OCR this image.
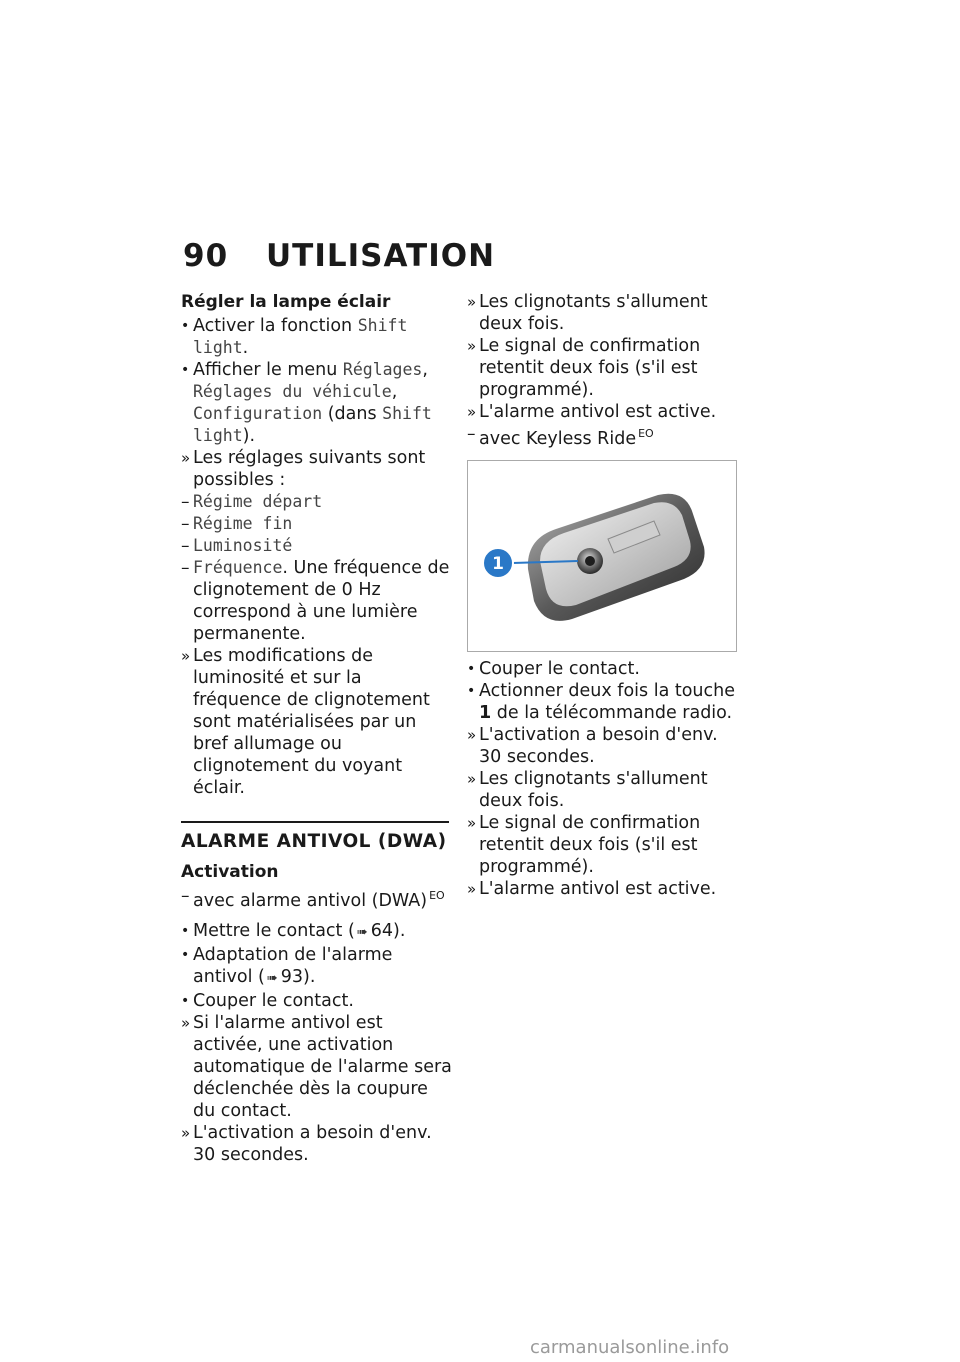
90 UTILISATION
Régler la lampe éclair
• Activer la fonction Shift light.
• Afficher le menu Réglages, Réglages du véhicule, Configuration (dans Shift light).
» Les réglages suivants sont possibles :
– Régime départ
– Régime fin
– Luminosité
– Fréquence. Une fréquence de clignotement de 0 Hz correspond à une lumière permanente.
» Les modifications de luminosité et sur la fréquence de clignotement sont matérialisées par un bref allumage ou clignotement du voyant éclair.
ALARME ANTIVOL (DWA)
Activation
– avec alarme antivol (DWA) $^{EO}$
• Mettre le contact ( ➠ 64).
• Adaptation de l'alarme antivol ( ➠ 93).
• Couper le contact.
» Si l'alarme antivol est activée, une activation automatique de l'alarme sera déclenchée dès la coupure du contact.
» L'activation a besoin d'env. 30 secondes.
» Les clignotants s'allument deux fois.
» Le signal de confirmation retentit deux fois (s'il est programmé).
» L'alarme antivol est active.
– avec Keyless Ride $^{EO}$
1
• Couper le contact.
• Actionner deux fois la touche 1 de la télécommande radio.
» L'activation a besoin d'env. 30 secondes.
» Les clignotants s'allument deux fois.
» Le signal de confirmation retentit deux fois (s'il est programmé).
» L'alarme antivol est active.
carmanualsonline.info
